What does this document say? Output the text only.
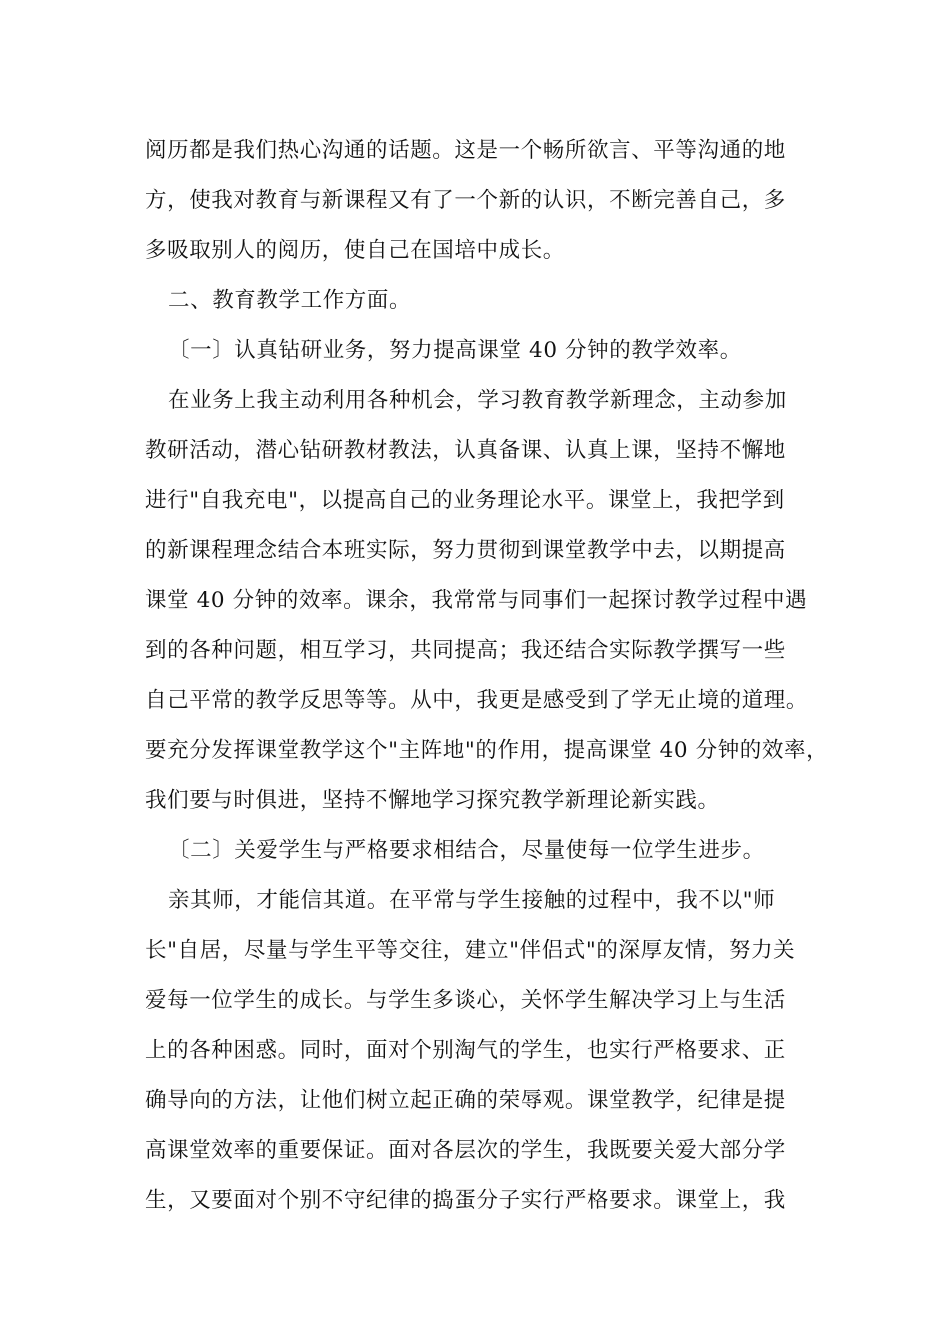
阅历都是我们热心沟通的话题。这是一个畅所欲言、平等沟通的地
方，使我对教育与新课程又有了一个新的认识，不断完善自己，多
多吸取别人的阅历，使自己在国培中成长。
二、教育教学工作方面。
〔一〕认真钻研业务，努力提高课堂 40 分钟的教学效率。
在业务上我主动利用各种机会，学习教育教学新理念，主动参加
教研活动，潜心钻研教材教法，认真备课、认真上课，坚持不懈地
进行"自我充电"，以提高自己的业务理论水平。课堂上，我把学到
的新课程理念结合本班实际，努力贯彻到课堂教学中去，以期提高
课堂 40 分钟的效率。课余，我常常与同事们一起探讨教学过程中遇
到的各种问题，相互学习，共同提高；我还结合实际教学撰写一些
自己平常的教学反思等等。从中，我更是感受到了学无止境的道理。
要充分发挥课堂教学这个"主阵地"的作用，提高课堂 40 分钟的效率，
我们要与时俱进，坚持不懈地学习探究教学新理论新实践。
〔二〕关爱学生与严格要求相结合，尽量使每一位学生进步。
亲其师，才能信其道。在平常与学生接触的过程中，我不以"师
长"自居，尽量与学生平等交往，建立"伴侣式"的深厚友情，努力关
爱每一位学生的成长。与学生多谈心，关怀学生解决学习上与生活
上的各种困惑。同时，面对个别淘气的学生，也实行严格要求、正
确导向的方法，让他们树立起正确的荣辱观。课堂教学，纪律是提
高课堂效率的重要保证。面对各层次的学生，我既要关爱大部分学
生，又要面对个别不守纪律的捣蛋分子实行严格要求。课堂上，我
